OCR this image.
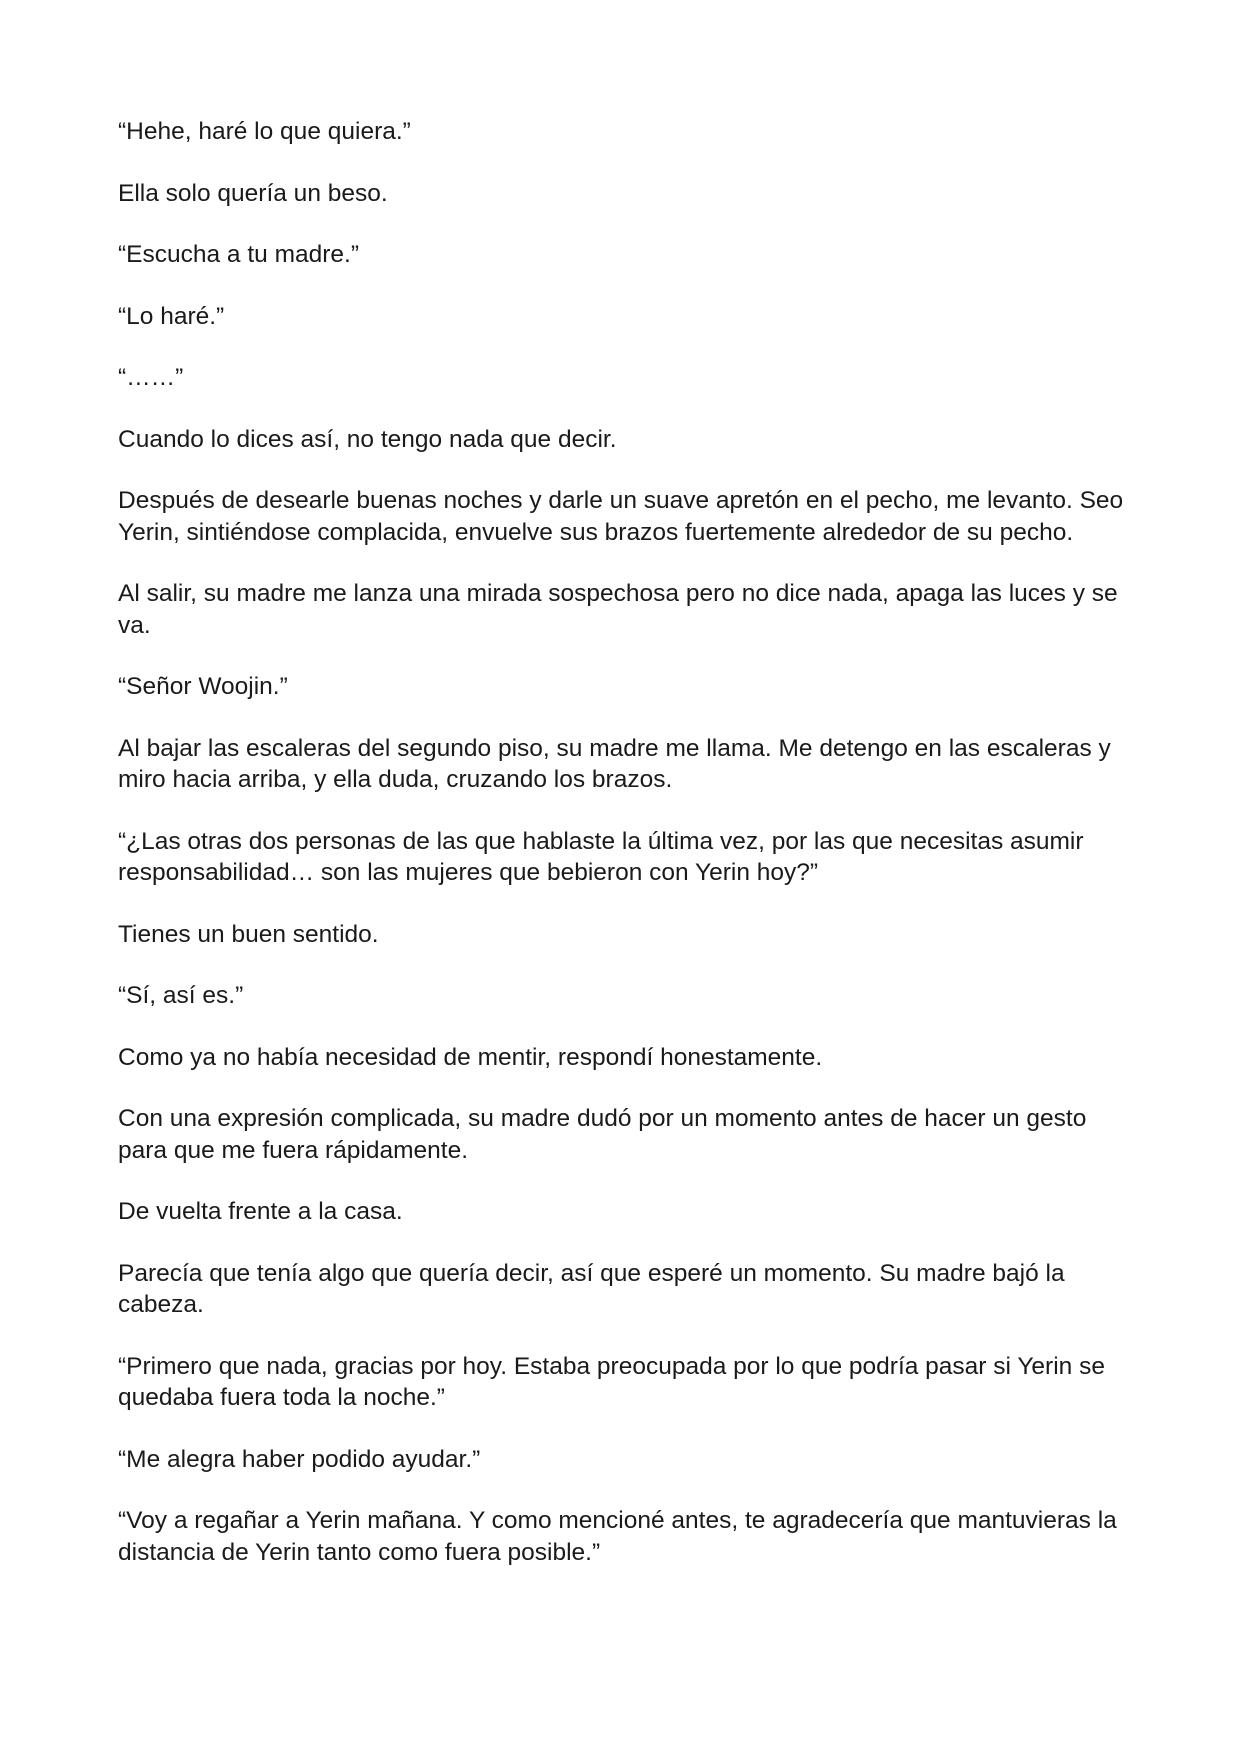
“Hehe, haré lo que quiera.”

Ella solo quería un beso.

“Escucha a tu madre.”

“Lo haré.”

“……”

Cuando lo dices así, no tengo nada que decir.

Después de desearle buenas noches y darle un suave apretón en el pecho, me levanto. Seo Yerin, sintiéndose complacida, envuelve sus brazos fuertemente alrededor de su pecho.

Al salir, su madre me lanza una mirada sospechosa pero no dice nada, apaga las luces y se va.

“Señor Woojin.”

Al bajar las escaleras del segundo piso, su madre me llama. Me detengo en las escaleras y miro hacia arriba, y ella duda, cruzando los brazos.

“¿Las otras dos personas de las que hablaste la última vez, por las que necesitas asumir responsabilidad… son las mujeres que bebieron con Yerin hoy?”

Tienes un buen sentido.

“Sí, así es.”

Como ya no había necesidad de mentir, respondí honestamente.

Con una expresión complicada, su madre dudó por un momento antes de hacer un gesto para que me fuera rápidamente.

De vuelta frente a la casa.

Parecía que tenía algo que quería decir, así que esperé un momento. Su madre bajó la cabeza.

“Primero que nada, gracias por hoy. Estaba preocupada por lo que podría pasar si Yerin se quedaba fuera toda la noche.”

“Me alegra haber podido ayudar.”

“Voy a regañar a Yerin mañana. Y como mencioné antes, te agradecería que mantuvieras la distancia de Yerin tanto como fuera posible.”
